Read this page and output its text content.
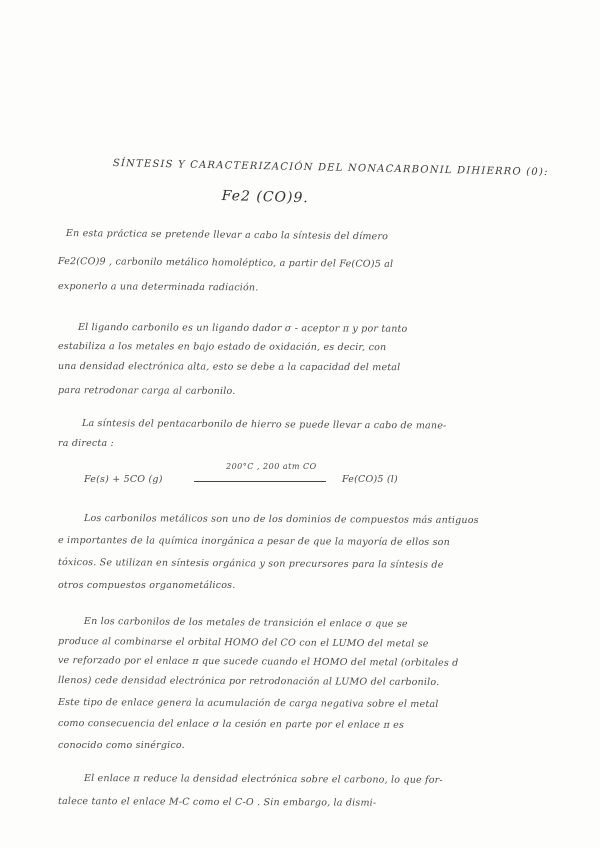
SÍNTESIS Y CARACTERIZACIÓN DEL NONACARBONIL DIHIERRO (0):
Fe2 (CO)9.
En esta práctica se pretende llevar a cabo la síntesis del dímero
Fe2(CO)9 , carbonilo metálico homoléptico, a partir del Fe(CO)5 al
exponerlo a una determinada radiación.
El ligando carbonilo es un ligando dador σ - aceptor π y por tanto
estabiliza a los metales en bajo estado de oxidación, es decir, con
una densidad electrónica alta, esto se debe a la capacidad del metal
para retrodonar carga al carbonilo.
La síntesis del pentacarbonilo de hierro se puede llevar a cabo de mane-
ra directa :
Fe(s) + 5CO (g)
200°C , 200 atm CO
Fe(CO)5 (l)
Los carbonilos metálicos son uno de los dominios de compuestos más antiguos
e importantes de la química inorgánica a pesar de que la mayoría de ellos son
tóxicos. Se utilizan en síntesis orgánica y son precursores para la síntesis de
otros compuestos organometálicos.
En los carbonilos de los metales de transición el enlace σ que se
produce al combinarse el orbital HOMO del CO con el LUMO del metal se
ve reforzado por el enlace π que sucede cuando el HOMO del metal (orbitales d
llenos) cede densidad electrónica por retrodonación al LUMO del carbonilo.
Este tipo de enlace genera la acumulación de carga negativa sobre el metal
como consecuencia del enlace σ la cesión en parte por el enlace π es
conocido como sinérgico.
El enlace π reduce la densidad electrónica sobre el carbono, lo que for-
talece tanto el enlace M-C como el C-O . Sin embargo, la dismi-
